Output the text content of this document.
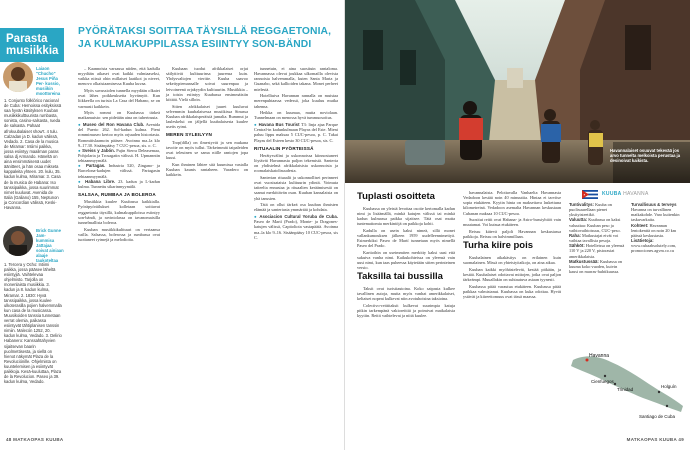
Parasta musiikkia
Laiaon "Chucho" Jesus Piña Per- kussio, musiikin moottoreina
1. Conjunto folklórico nacional de Cuba: Hernoissa esityksissä saa hyvän käsityksen Kuuban musiikkikulttuurista rumbasta, sonista, casino-salsasta, rueda de salsasta. Pahaat afrokuubalaiset show't. 4 tulu. Calzadan ja D. kadun välissä, Vedado. 2. Casa de la musica de Miramar: Intiimi paikka, jossa esiintyy maailman paras salsa dj Armando. Häneltä on aina ensimmäisenä uudet äänitteet, ja hän osaa mikseta kappaleita yhteen. 20. kulu, 35. kadun kulma, Miramar. 3. Casa de la musica de Habana: Iso tanssipaikka, jossa suurimmat nimet kuuluvat. Avenida de Italia (Galiano) 155, Neptunon ja Concordian välissä, Keski-Havanna.
Brick Gunne Jam- kummisa Jattajaa soivat ainiaan alaaje taukoteltaa
1. Tercera y Ocho: Intiimi paikka, jossa pääsee läheltä esiintyjiä. Vaihtelevaa ohjelmisto. Tarjolla on monenlaista musiikkia. 3. kadun ja 8. kadun kulma, Miramar. 2. 1830: Hyvä tanssipaikka, jossa kuulee ulkoterasilla pojien halvemmalla kun casa de la musicassa. Muusikoiden tanssia tunnetaan verrat olemia, paikassa esiintyvät tähtiplanisen tanssin nimiin. Malecón 1252, 20. kadun kulma, Vedado. 3. Delirio Habanero: Kanssahtahyvien sijaitsevan baarin puolmettisesta, ja siellä on hienot näkymät Plaza de la Revoluciónille. Ohjelmista on kuuntelemisen ja esiintyvät paikkoja. Kesä-kuuluttaa, Plaza de la Revolucion. Paseo ja 39. kadun kulma, Vedado.
PYÖRÄTAKSI SOITTAA TÄYSILLÄ REGGAETONIA, JA KULMAKUPPILASSA ESIINTYY SON-BÄNDI

– Kaannoista varsausa niiden, että kadulla myydään aikaset ovat kaikki valmiaaseksi, vaikka niissä ohin millaiset laatikot ja niveet, menovo olkaisiaamisessa Kuuba kuvaa.

Myös suvussiolen tunnella myydään olkaiet ovat lähes poikkeuksetta hyvämyöt. Kun liikkeella on turista La Casa del Habano, se on varmasti kaikkein.

Myös rommi on Kuubassa tärkeä matkamuisto: sen pidetään aina on tuhertruuta.

● Museo del Ron Havana Club. Avenida del Puerto 262. Sol-kadun kulma. Pieni rommimuseo kertoo myös orjuuden historiasta. Rommitislaamoin pääsee. Avoinna ma–la klo 9–17.30. Sisäänpääsy 7 CUC-pesoa, sis. o. C.
● Sveiss y Jabón. Pujin Sierra Deleasemaa, Pohjolaria ja Trosagatin välissä. H. Upmanntin tehtaanmyymälä.
● Partagas. Industria 520, Zingano- ja Barcelona-kadujen välissä. Partagasin tehtaanmyymälä.
● Habana Libre. 23. kadun ja L-kadun kulma. Tunnettu sikarinmyymälä.
SALSAA, RUMBAA JA BOLEROA

Musiikkia kuulee Kuubassa kaikkialla. Pyöräpyöräilukset kolletaan soittavat reggaetonia täysillä, kulmakuppiloissa esiintyy son-bändi, ja ravintolassa on tavanomaisilla tunnelmallista boleroa.

Kuuban musiikkikulttuuri on vertaansa vailla. Salsassa, bolerossa ja rumbassa ovat tuottaneet rytmejä ja melodioita.

Kuubaan tuodut afrikkalaiset orjat säilyttivät kulttuurinsa juurensa kuin. Yhdysvaltojen vieritte. Kuuba saavoo sekeitypiemansalle soivat suurenpaa ja leivoineenä orjakyydin kulttuuriin. Musiikkia – ja toisin esiintyy Kuubassa ensimmäisiin kiittää. Vielä silloin.

Sitten afrikkalaiset juuret kuuluvat selvemmin kuubalaisessa musiikissa Sinussa Kuuban afrikkalaisperäisiä jumalia. Rummut ja lauleskelui on jäljellä kuubalaisesta kuulee useits rytmi.

MEREN SYLEILYYN

Trop(dilla) on ilmestyvät ja sen mukana tavoite on myös tullut. Tärkeimmät taipaleiden ovat teleuinen se sama niille rantojen jopa kuusi.

Kun ihminen lähtee sitä kuumissa vastalla Kuuban kaunis rantaheen. Varadero on kaikkein.

tunnetuin, ei aina suosituin rantaloma. Havannassa olevat joukkaa ulkomailla olevista rannoista halvemmalla, kuten Santa Maria ja Guanabo, sekä kallioiden takana. Monet perheet mielestä.

Hotelliuiva Havannan rannalla on muistaa merenpuhtaassa vedessä, joka kuuluu mutka tahenna.

Heikka on kuumaa, mutta noviolaan. Tunnelmaan on menossa hyvä tummuosoitus.

● Havana Bus Tourist T3: linja ajaa Parque Central-in kadunkulmaan Playas del Este. Mieni paluu lippu maksaa 5 CUC-pesoa, p. C. Takai Playas del Esteen kesto 30 CUC-pesoa, sis. C.
RITUAALIN PYÖRTEISSÄ

Herätysvälini ja uskonnoissa kiinnostuneet löytävät Havannasta paljon tekemistä. Santeria on yhdistelmä afrikkalaisista uskonnoista ja roomalaiskatolisuudesta.

Santerian rituaalit ja uskonnolliset perinneet ovat vuosisataisia kulttuurin ydintä. Voimuta taiteelta ennustaa ja rituaalien keräämisestä on saanut merkittävän osan. Kuuban kansalaisia on yhä tanssien.

Tätä on ollut tärkeä osa kuuban ihmisten elämää ja santeriasta ymmärtää ja kohdata.

● Asociacion Cultural Yoruba de Cuba. Paseo de Martí (Prado), Monte- ja Dragones-katujen välissä, Capitoliota vastapäätä. Avoinna ma–la klo 9–16. Sisäänpääsy 10 CUC-pesoa, sis C.
48 MATKAOPAS KUUBA
Havannalaiset osuuvat tekevää jos arvo tunnelta melkoista perustaa ja desinoivat kaikista.
Tuplasti osoitteta

Kuubassa on yleistä levottaa osoite kertomalla kadun nimi ja lisäämällä, minkä katujen välissä tai minkä kadun kulmassa paikka sijaitsee. Tätä osat mutta tuntemattomia merkintöjä on paikkoja kohti.

Kadulla on usein kaksi nimeä, sillä monet vallankumouksen jälkeen 1959 uudelleennimettyä. Esimerkiksi Paseo de Martí tunnetaan myös nimellä Paseo del Prado.

Karttoihin on useimmiten merkitty kaksi uusi että sukutva vanha nimi. Kaikukohteissa on yleensä vain uusi nimi, kun taas puheessa käytetään sitten perinteinen versio.

Taksilla tai bussilla

Taksit ovat turistiautoina. Koko saipasta kulkee tavallinen autoja, mutta myös vanhat amerikkalaiset, keltaiset nopeat kulkevat niin avotuhoisina taksioina.

Colectivo-reittitaksit kulkevat suurimpia katuja pitkin tarkempänä vakioreittiä ja poimivat matkalaisia kyytiin. Reitit vaihtelevat ja niitä kuulee.

havannalaista. Pelottavalla Vanhaelta Havannasta Vedadoon kestää noin 40 minuuttia. Hintaa ei tarvitse sopia etukäteen. Kyytin hinta on maksettava laskettuna kilometreinä. Vedadoon asemalta Havannan keskustaan Cubanan maksaa 10 CUC-pesoa.

Suositut reitit ovat Habana- ja Astro-bussiyhtiöt vain muutamat. Voi kutsua etukäteen.

Reissu kätevä paljolt Havannan keskustassa paikkoja. Reissu on halvimmillaan.

Turha kiire pois

Kuubalainen aikakäsitys on erilainen kuin suomalainen. Missä on yhteistyöaikoja, on aina aikaa.

Kuuban kaikki myöhästelevät, kestää pitkään, ja kestää. Kuubalaiset odottavat mittojen, jotka ovat paljon tärkeämpi. Muuallakin on suhtautuva asiaan tyynesti.

Kuubassa pitää varautua etukäteen. Kuubassa pitää paikkaa valmistanut. Kuubassa on kuka odottaa. Hyvät ystävät ja kiireettomuus ovat tässä maassa.

KUUBA HAVANNA
Tuntivalitys: Kuuba on puolisuurellaan pienet yksityisteetikö.
Valuutta: Kuubassa on kaksi valuuttaa: Kuuban peso ja vaihtovaihtoisuus, CUC-peso.
Raha: Matkustajat eivät voi vaihtaa tavallisia pesoja.
Sähköt: Hotelleissa on yleensä 110 V ja 220 V, pistorasiat amerikkalaisia.
Matkustussää: Kuubassa on kuuma koko vuoden, kuivin kausi on marras-huhtikuussa.
Turvallisuus & terveys Havanna on turvallinen matkakohde. Varo kuitenkin taskuvarkaita.
Kohteet: Havannan lentokenttä on noin 20 km päässä keskustasta.
Lisätietoja: www.cubaabsolutely.com, promociones.agvm.co.cu
Havanna
Trinidad
Cienfuegos
Santiago de Cuba
Holguín
MATKAOPAS KUUBA 49
